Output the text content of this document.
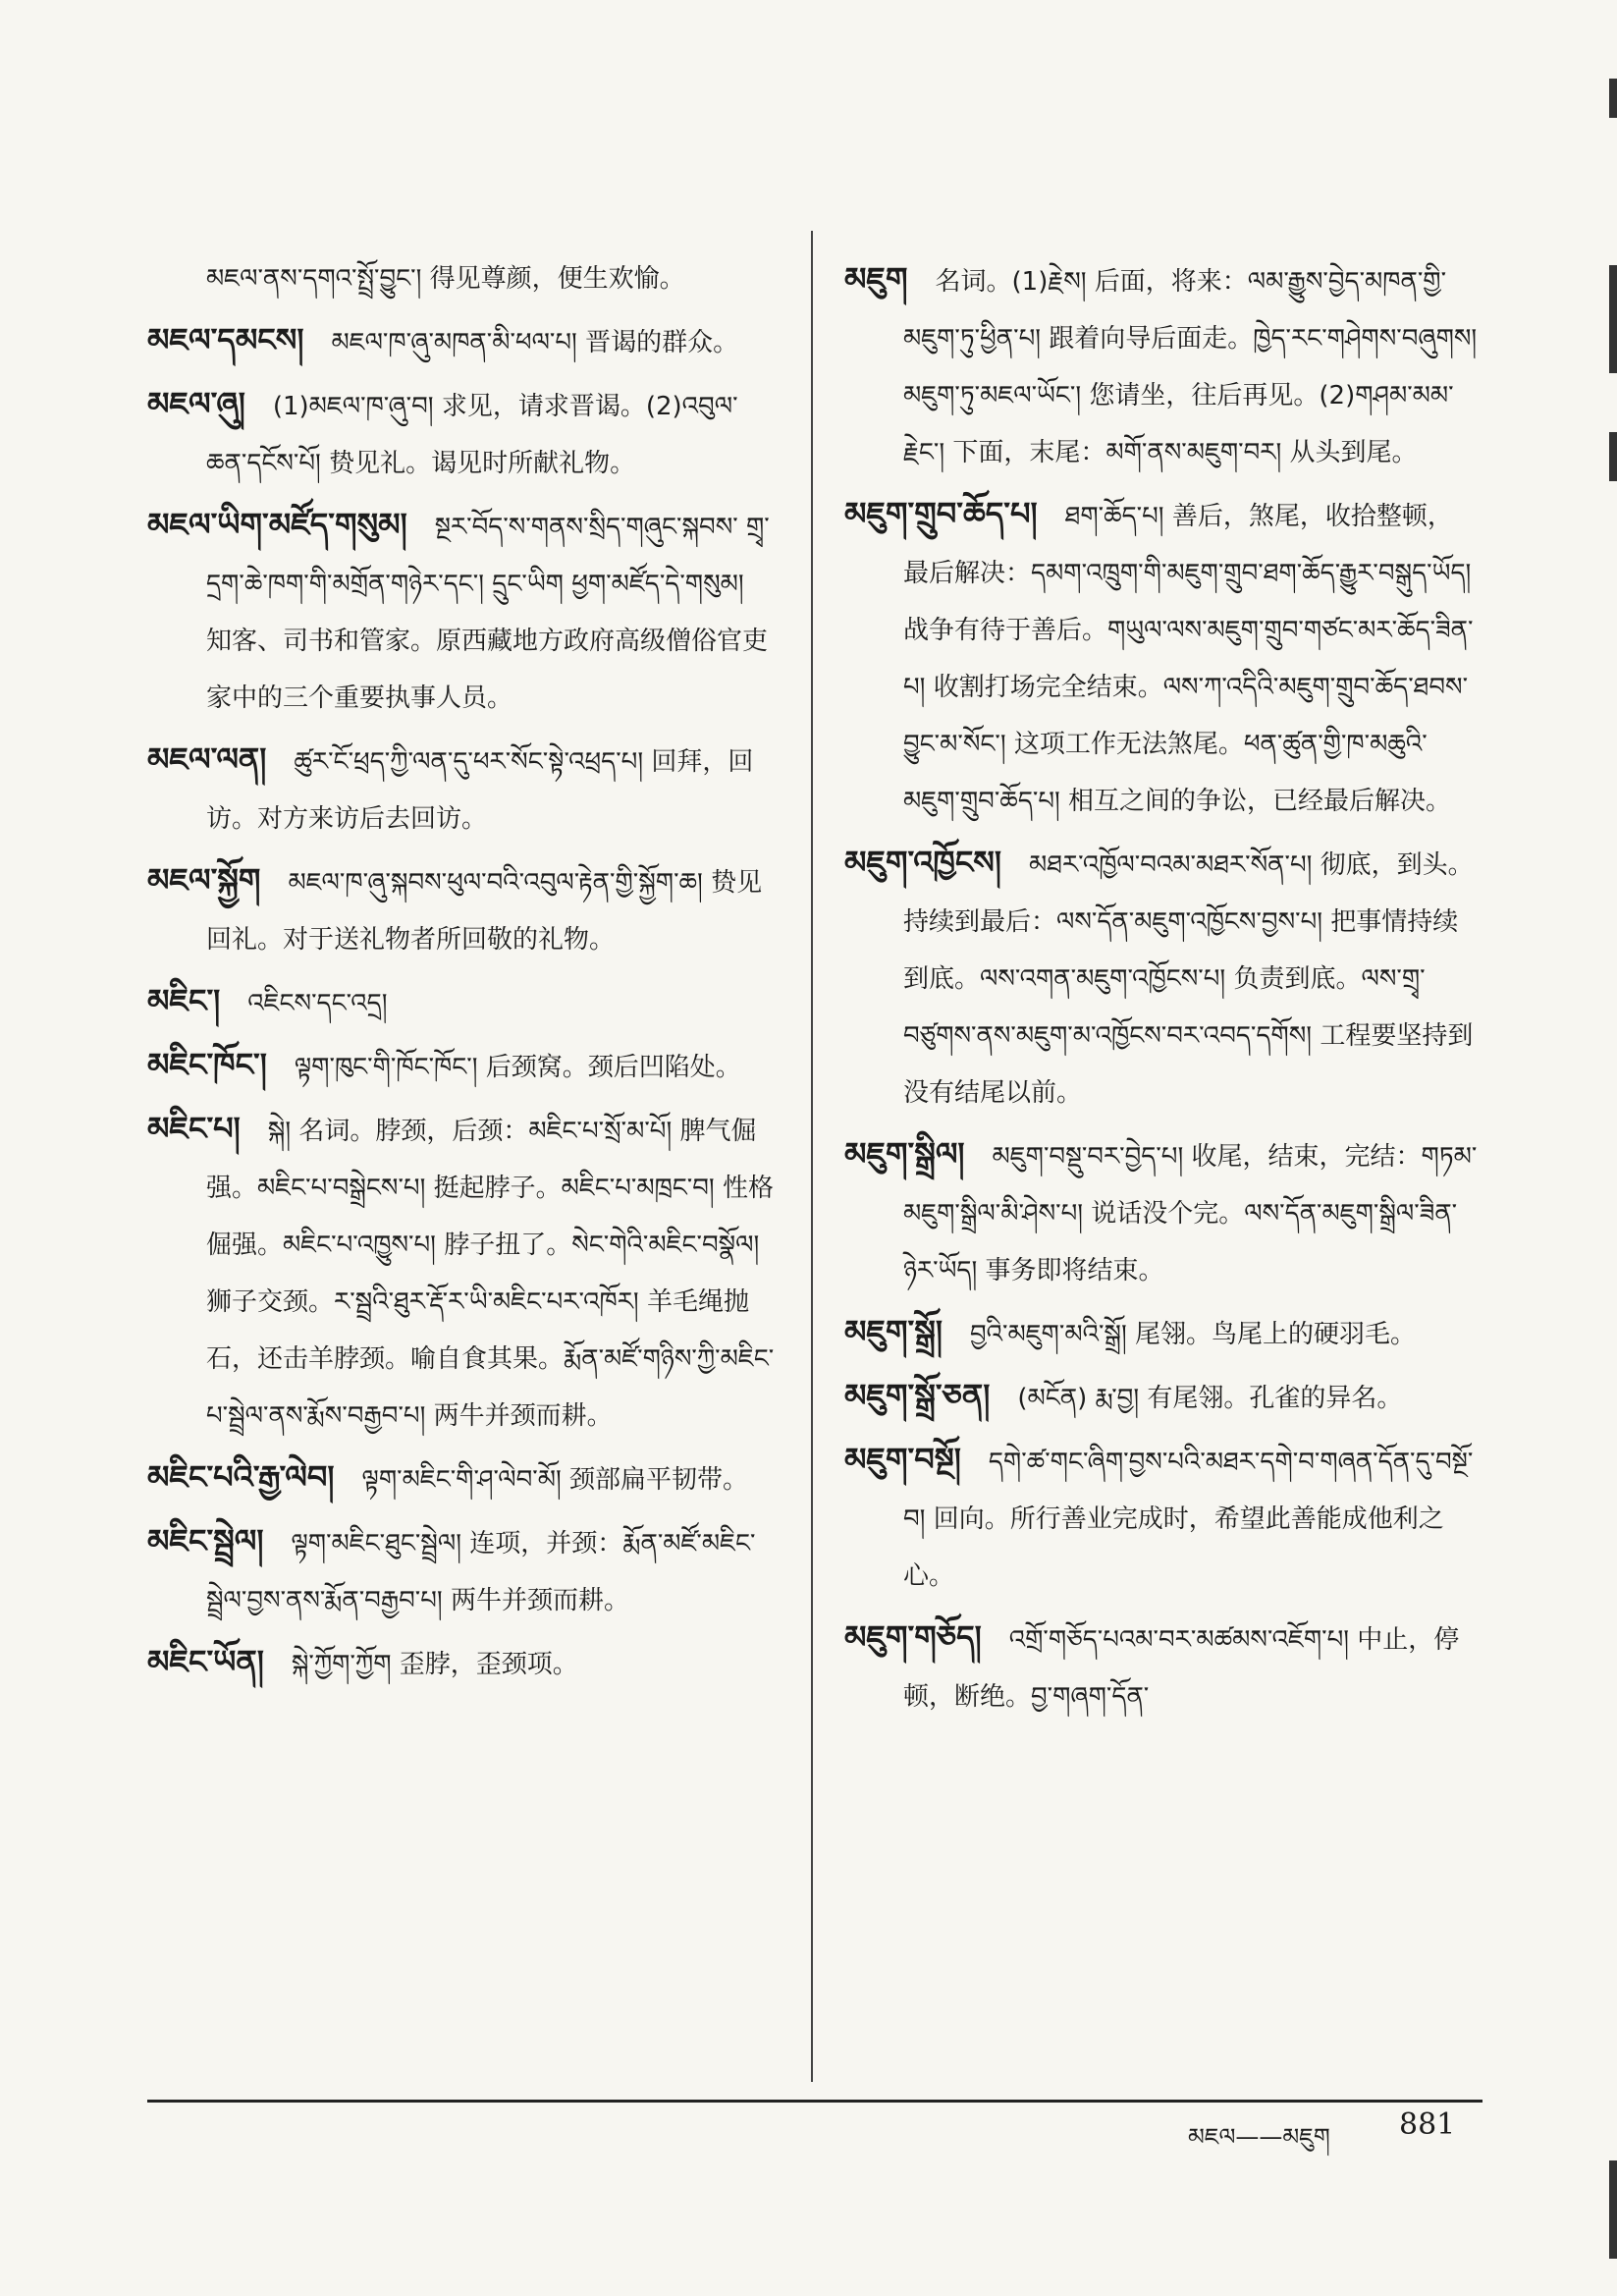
མཇལ་ནས་དགའ་སྤྲོ་བྱུང་། 得见尊颜，便生欢愉。
མཇལ་དམངས། མཇལ་ཁ་ཞུ་མཁན་མི་ཕལ་པ། 晋谒的群众。
མཇལ་ཞུ། (1)མཇལ་ཁ་ཞུ་བ། 求见，请求晋谒。(2)འབུལ་ཆན་དངོས་པོ། 贽见礼。谒见时所献礼物。
མཇལ་ཡིག་མཛོད་གསུམ། སྔར་བོད་ས་གནས་སྲིད་གཞུང་སྐབས་ གྲྭ་དྲག་ཆེ་ཁག་གི་མགྲོན་གཉེར་དང་། དྲུང་ཡིག ཕྱག་མཛོད་དེ་གསུམ། 知客、司书和管家。原西藏地方政府高级僧俗官吏家中的三个重要执事人员。
མཇལ་ལན། ཚུར་ངོ་ཕྲད་ཀྱི་ལན་དུ་ཕར་སོང་སྟེ་འཕྲད་པ། 回拜，回访。对方来访后去回访。
མཇལ་སྐྱོག མཇལ་ཁ་ཞུ་སྐབས་ཕུལ་བའི་འབུལ་རྟེན་གྱི་སྐྱོག་ཆ། 贽见回礼。对于送礼物者所回敬的礼物。
མཇིང་། འཇིངས་དང་འདྲ།
མཇིང་ཁོང་། ལྟག་ཁུང་གི་ཁོང་ཁོང་། 后颈窝。颈后凹陷处。
མཇིང་པ། སྐེ། 名词。脖颈，后颈：མཇིང་པ་སྲོ་མ་པོ། 脾气倔强。མཇིང་པ་བསྒྲེངས་པ། 挺起脖子。མཇིང་པ་མཁྲང་བ། 性格倔强。མཇིང་པ་འཁྱུས་པ། 脖子扭了。སེང་གེའི་མཇིང་བསྣོལ། 狮子交颈。ར་སྦྲའི་ཐུར་རྡོ་ར་ཡི་མཇིང་པར་འཁོར། 羊毛绳抛石，还击羊脖颈。喻自食其果。རྨོན་མཛོ་གཉིས་ཀྱི་མཇིང་པ་སྦྲེལ་ནས་རྨོས་བརྒྱབ་པ། 两牛并颈而耕。
མཇིང་པའི་རྒྱ་ལེབ། ལྟག་མཇིང་གི་ཤ་ལེབ་མོ། 颈部扁平韧带。
མཇིང་སྦྲེལ། ལྟག་མཇིང་ཐུང་སྦྲེལ། 连项，并颈：རྨོན་མཛོ་མཇིང་སྦྲེལ་བྱས་ནས་རྨོན་བརྒྱབ་པ། 两牛并颈而耕。
མཇིང་ཡོན། སྐེ་ཀྱོག་ཀྱོག 歪脖，歪颈项。
མཇུག 名词。(1)རྗེས། 后面，将来：ལམ་རྒྱུས་བྱེད་མཁན་གྱི་མཇུག་ཏུ་ཕྱིན་པ། 跟着向导后面走。ཁྱེད་རང་གཤེགས་བཞུགས། མཇུག་ཏུ་མཇལ་ཡོང་། 您请坐，往后再见。(2)གཤམ་མམ་རྗེང་། 下面，末尾：མགོ་ནས་མཇུག་བར། 从头到尾。
མཇུག་གྲུབ་ཆོད་པ། ཐག་ཆོད་པ། 善后，煞尾，收拾整顿，最后解决：དམག་འཁྲུག་གི་མཇུག་གྲུབ་ཐག་ཆོད་རྒྱུར་བསྒུད་ཡོད། 战争有待于善后。གཡུལ་ལས་མཇུག་གྲུབ་གཙང་མར་ཆོད་ཟིན་པ། 收割打场完全结束。ལས་ཀ་འདིའི་མཇུག་གྲུབ་ཆོད་ཐབས་བྱུང་མ་སོང་། 这项工作无法煞尾。ཕན་ཚུན་གྱི་ཁ་མཆུའི་མཇུག་གྲུབ་ཆོད་པ། 相互之间的争讼，已经最后解决。
མཇུག་འཁྱོངས། མཐར་འཁྱོལ་བའམ་མཐར་སོན་པ། 彻底，到头。持续到最后：ལས་དོན་མཇུག་འཁྱོངས་བྱས་པ། 把事情持续到底。ལས་འགན་མཇུག་འཁྱོངས་པ། 负责到底。ལས་གྲྭ་བཙུགས་ནས་མཇུག་མ་འཁྱོངས་བར་འབད་དགོས། 工程要坚持到没有结尾以前。
མཇུག་སྒྲིལ། མཇུག་བསྡུ་བར་བྱེད་པ། 收尾，结束，完结：གཏམ་མཇུག་སྒྲིལ་མི་ཤེས་པ། 说话没个完。ལས་དོན་མཇུག་སྒྲིལ་ཟིན་ཉེར་ཡོད། 事务即将结束。
མཇུག་སྒྲོ། བྱའི་མཇུག་མའི་སྒྲོ། 尾翎。鸟尾上的硬羽毛。
མཇུག་སྒྲོ་ཅན། (མངོན) རྨ་བྱ། 有尾翎。孔雀的异名。
མཇུག་བསྔོ། དགེ་ཚ་གང་ཞིག་བྱས་པའི་མཐར་དགེ་བ་གཞན་དོན་དུ་བསྔོ་བ། 回向。所行善业完成时，希望此善能成他利之心。
མཇུག་གཅོད། འགྲོ་གཅོད་པའམ་བར་མཚམས་འཇོག་པ། 中止，停顿，断绝。བྱ་གཞག་དོན་
མཇལ——མཇུག 881
